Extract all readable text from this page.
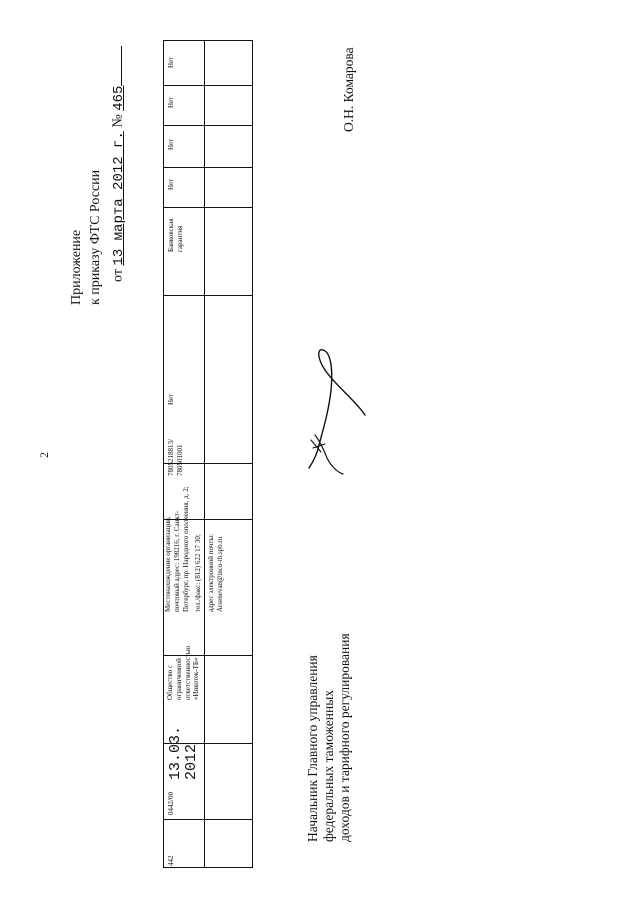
2
Приложение к приказу ФТС России от 13 марта 2012 г. № 465
442
0442/00
13.03.
2012
Общество с ограниченной ответственностью «Инкотек-ТБ»
Местонахождение организации, почтовый адрес: 198216, г. Санкт-Петербург, пр. Народного ополчения, д. 2; тел./факс: (812) 622 17 30; адрес электронной почты: Arsenevan@inco-tb.spb.ru
7805218813/ 780501001
Нет
Банковская гарантия
Нет
Нет
Нет
Нет
Начальник Главного управления
федеральных таможенных
доходов и тарифного регулирования
О.Н. Комарова
